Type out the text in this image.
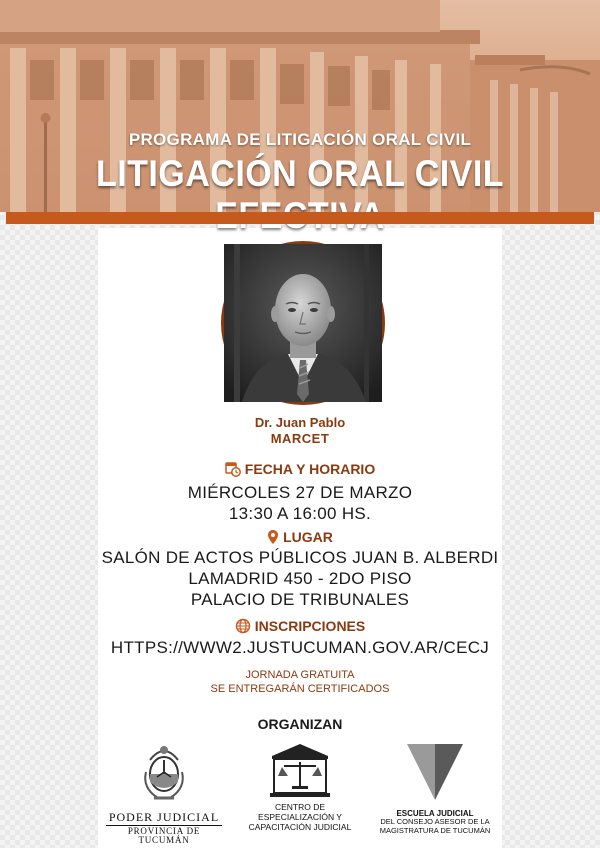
PROGRAMA DE LITIGACIÓN ORAL CIVIL
LITIGACIÓN ORAL CIVIL
Dr. Juan Pablo
MARCET
FECHA Y HORARIO
MIÉRCOLES 27 DE MARZO
13:30 A 16:00 HS.
LUGAR
SALÓN DE ACTOS PÚBLICOS JUAN B. ALBERDI
LAMADRID 450 - 2DO PISO
PALACIO DE TRIBUNALES
INSCRIPCIONES
HTTPS://WWW2.JUSTUCUMAN.GOV.AR/CECJ
JORNADA GRATUITA
SE ENTREGARÁN CERTIFICADOS
ORGANIZAN
PODER JUDICIAL
PROVINCIA DE TUCUMÁN
CENTRO DE
ESPECIALIZACIÓN Y
CAPACITACIÓN JUDICIAL
ESCUELA JUDICIAL
DEL CONSEJO ASESOR DE LA
MAGISTRATURA DE TUCUMÁN
